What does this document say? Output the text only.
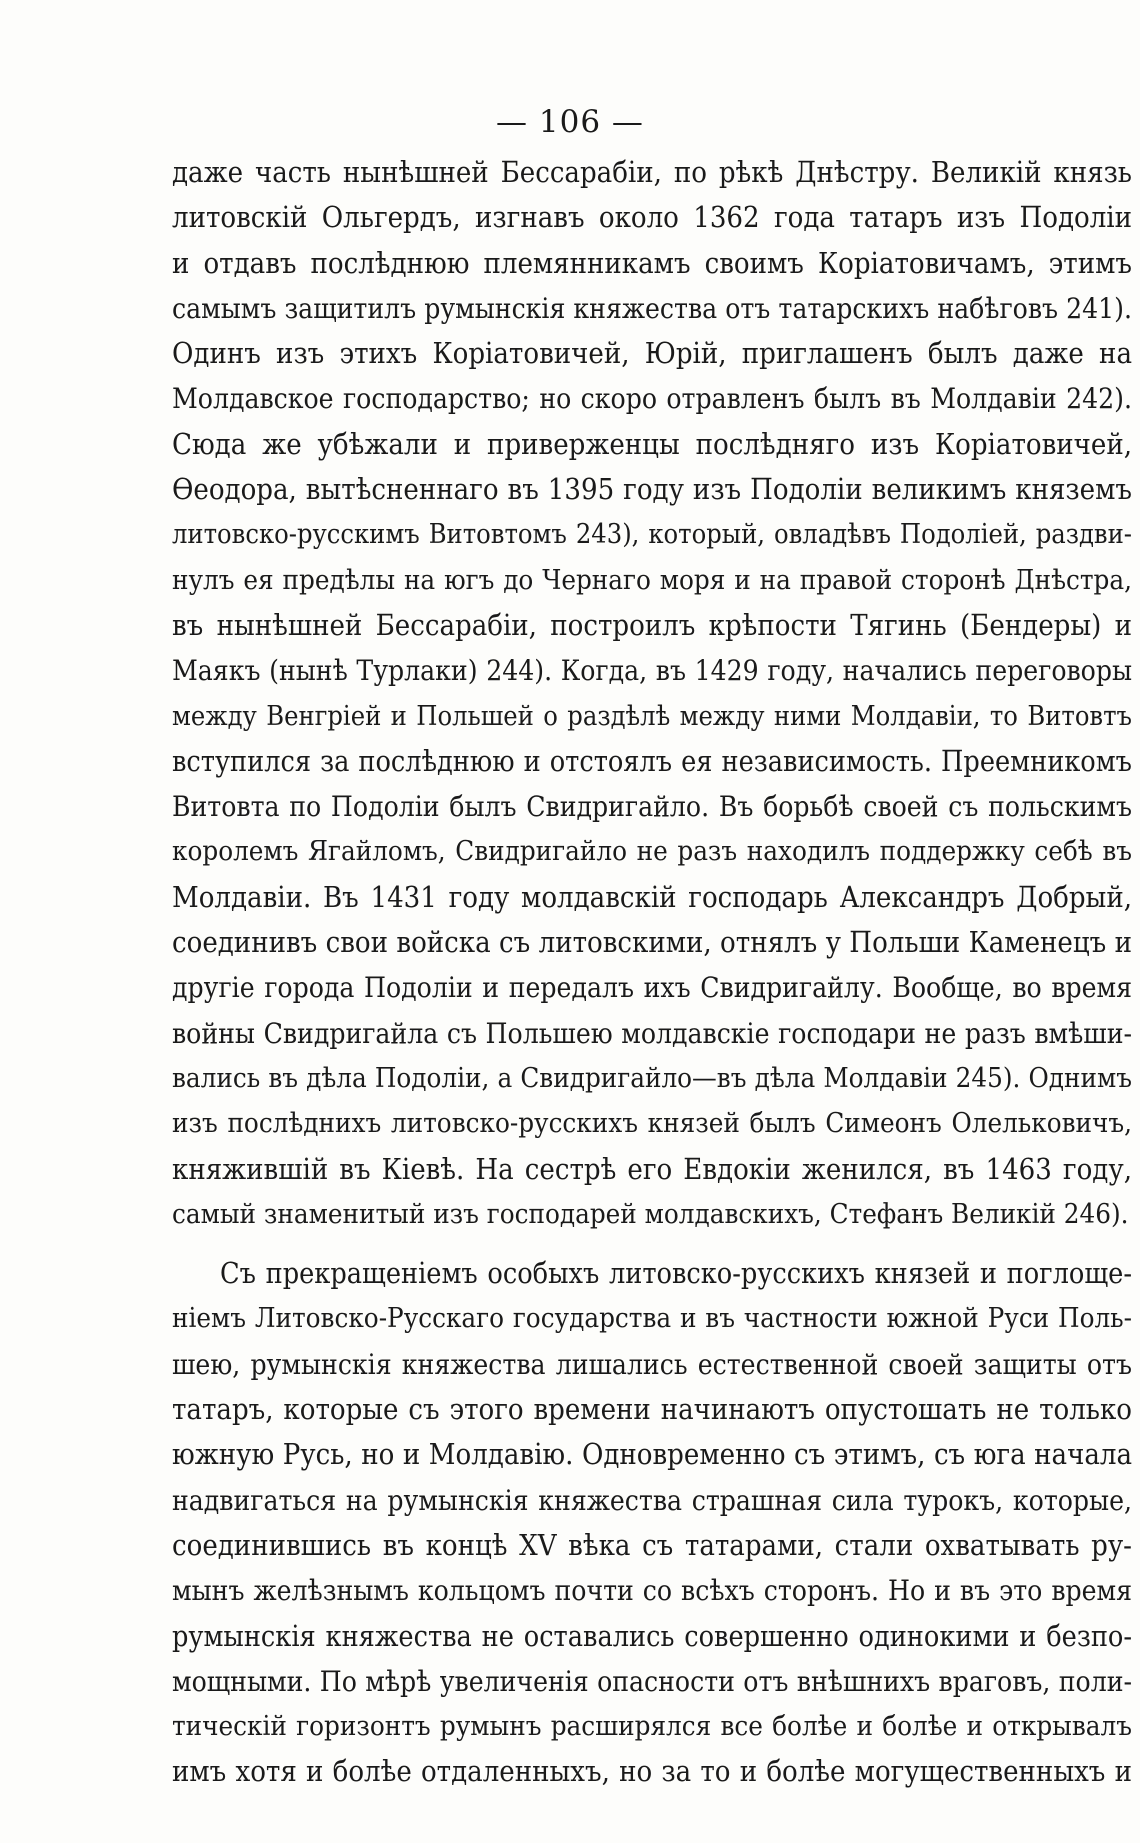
— 106 —
даже часть нынѣшней Бессарабіи, по рѣкѣ Днѣстру. Великій князь
литовскій Ольгердъ, изгнавъ около 1362 года татаръ изъ Подоліи
и отдавъ послѣднюю племянникамъ своимъ Коріатовичамъ, этимъ
самымъ защитилъ румынскія княжества отъ татарскихъ набѣговъ 241).
Одинъ изъ этихъ Коріатовичей, Юрій, приглашенъ былъ даже на
Молдавское господарство; но скоро отравленъ былъ въ Молдавіи 242).
Сюда же убѣжали и приверженцы послѣдняго изъ Коріатовичей,
Ѳеодора, вытѣсненнаго въ 1395 году изъ Подоліи великимъ княземъ
литовско-русскимъ Витовтомъ 243), который, овладѣвъ Подоліей, раздви-
нулъ ея предѣлы на югъ до Чернаго моря и на правой сторонѣ Днѣстра,
въ нынѣшней Бессарабіи, построилъ крѣпости Тягинь (Бендеры) и
Маякъ (нынѣ Турлаки) 244). Когда, въ 1429 году, начались переговоры
между Венгріей и Польшей о раздѣлѣ между ними Молдавіи, то Витовтъ
вступился за послѣднюю и отстоялъ ея независимость. Преемникомъ
Витовта по Подоліи былъ Свидригайло. Въ борьбѣ своей съ польскимъ
королемъ Ягайломъ, Свидригайло не разъ находилъ поддержку себѣ въ
Молдавіи. Въ 1431 году молдавскій господарь Александръ Добрый,
соединивъ свои войска съ литовскими, отнялъ у Польши Каменецъ и
другіе города Подоліи и передалъ ихъ Свидригайлу. Вообще, во время
войны Свидригайла съ Польшею молдавскіе господари не разъ вмѣши-
вались въ дѣла Подоліи, а Свидригайло—въ дѣла Молдавіи 245). Однимъ
изъ послѣднихъ литовско-русскихъ князей былъ Симеонъ Олельковичъ,
княжившій въ Кіевѣ. На сестрѣ его Евдокіи женился, въ 1463 году,
самый знаменитый изъ господарей молдавскихъ, Стефанъ Великій 246).
Съ прекращеніемъ особыхъ литовско-русскихъ князей и поглоще-
ніемъ Литовско-Русскаго государства и въ частности южной Руси Поль-
шею, румынскія княжества лишались естественной своей защиты отъ
татаръ, которые съ этого времени начинаютъ опустошать не только
южную Русь, но и Молдавію. Одновременно съ этимъ, съ юга начала
надвигаться на румынскія княжества страшная сила турокъ, которые,
соединившись въ концѣ XV вѣка съ татарами, стали охватывать ру-
мынъ желѣзнымъ кольцомъ почти со всѣхъ сторонъ. Но и въ это время
румынскія княжества не оставались совершенно одинокими и безпо-
мощными. По мѣрѣ увеличенія опасности отъ внѣшнихъ враговъ, поли-
тическій горизонтъ румынъ расширялся все болѣе и болѣе и открывалъ
имъ хотя и болѣе отдаленныхъ, но за то и болѣе могущественныхъ и
